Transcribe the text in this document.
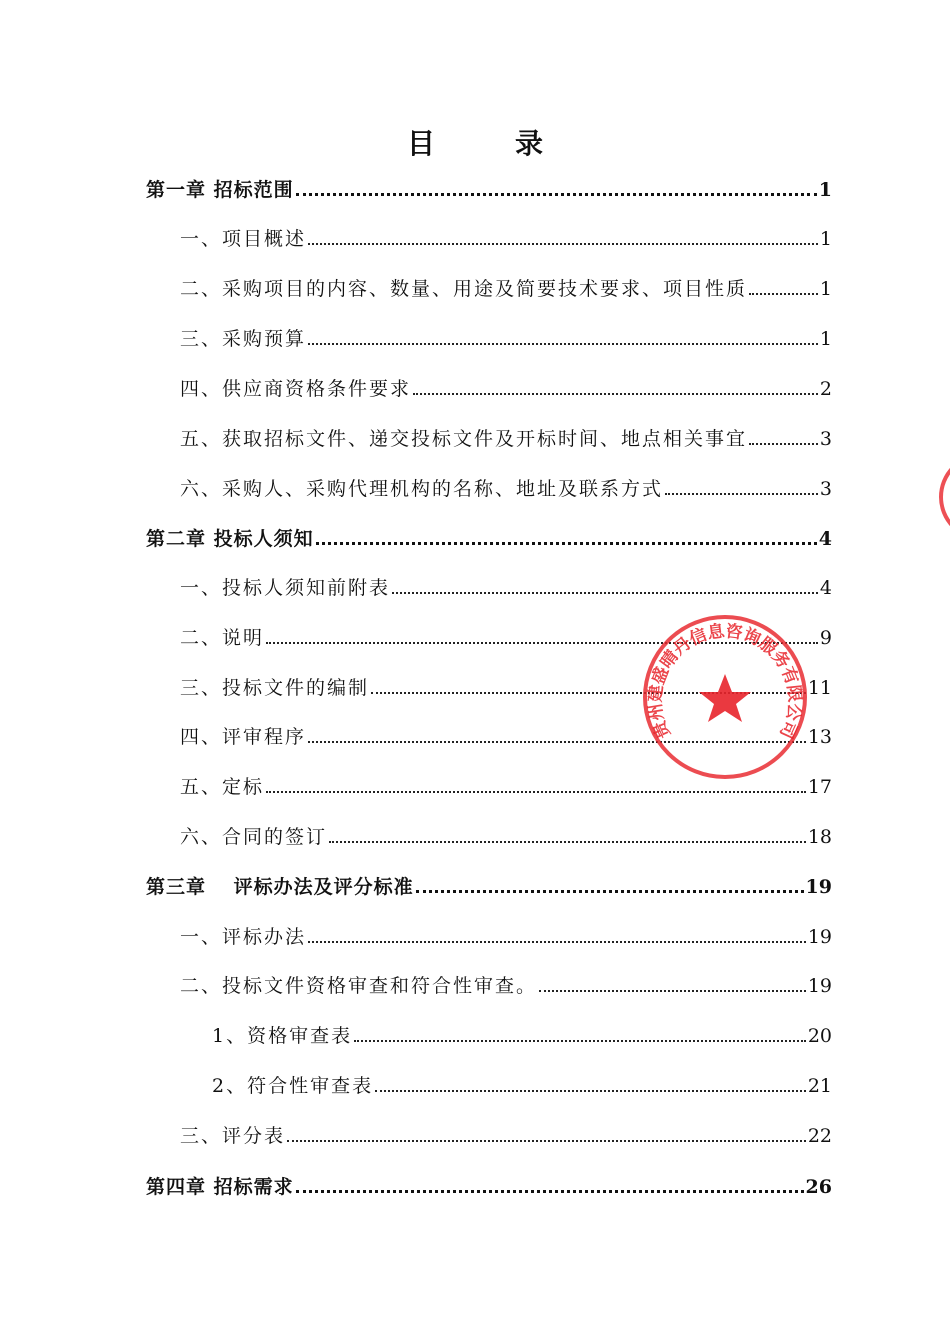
目　录
第一章 招标范围	1
一、项目概述	1
二、采购项目的内容、数量、用途及简要技术要求、项目性质	1
三、采购预算	1
四、供应商资格条件要求	2
五、获取招标文件、递交投标文件及开标时间、地点相关事宜	3
六、采购人、采购代理机构的名称、地址及联系方式	3
第二章 投标人须知	4
一、投标人须知前附表	4
二、说明	9
三、投标文件的编制	11
四、评审程序	13
五、定标	17
六、合同的签订	18
第三章　 评标办法及评分标准	19
一、评标办法	19
二、投标文件资格审查和符合性审查。	19
1、资格审查表	20
2、符合性审查表	21
三、评分表	22
第四章 招标需求	26
贵州建盛晴丹信息咨询服务有限公司
